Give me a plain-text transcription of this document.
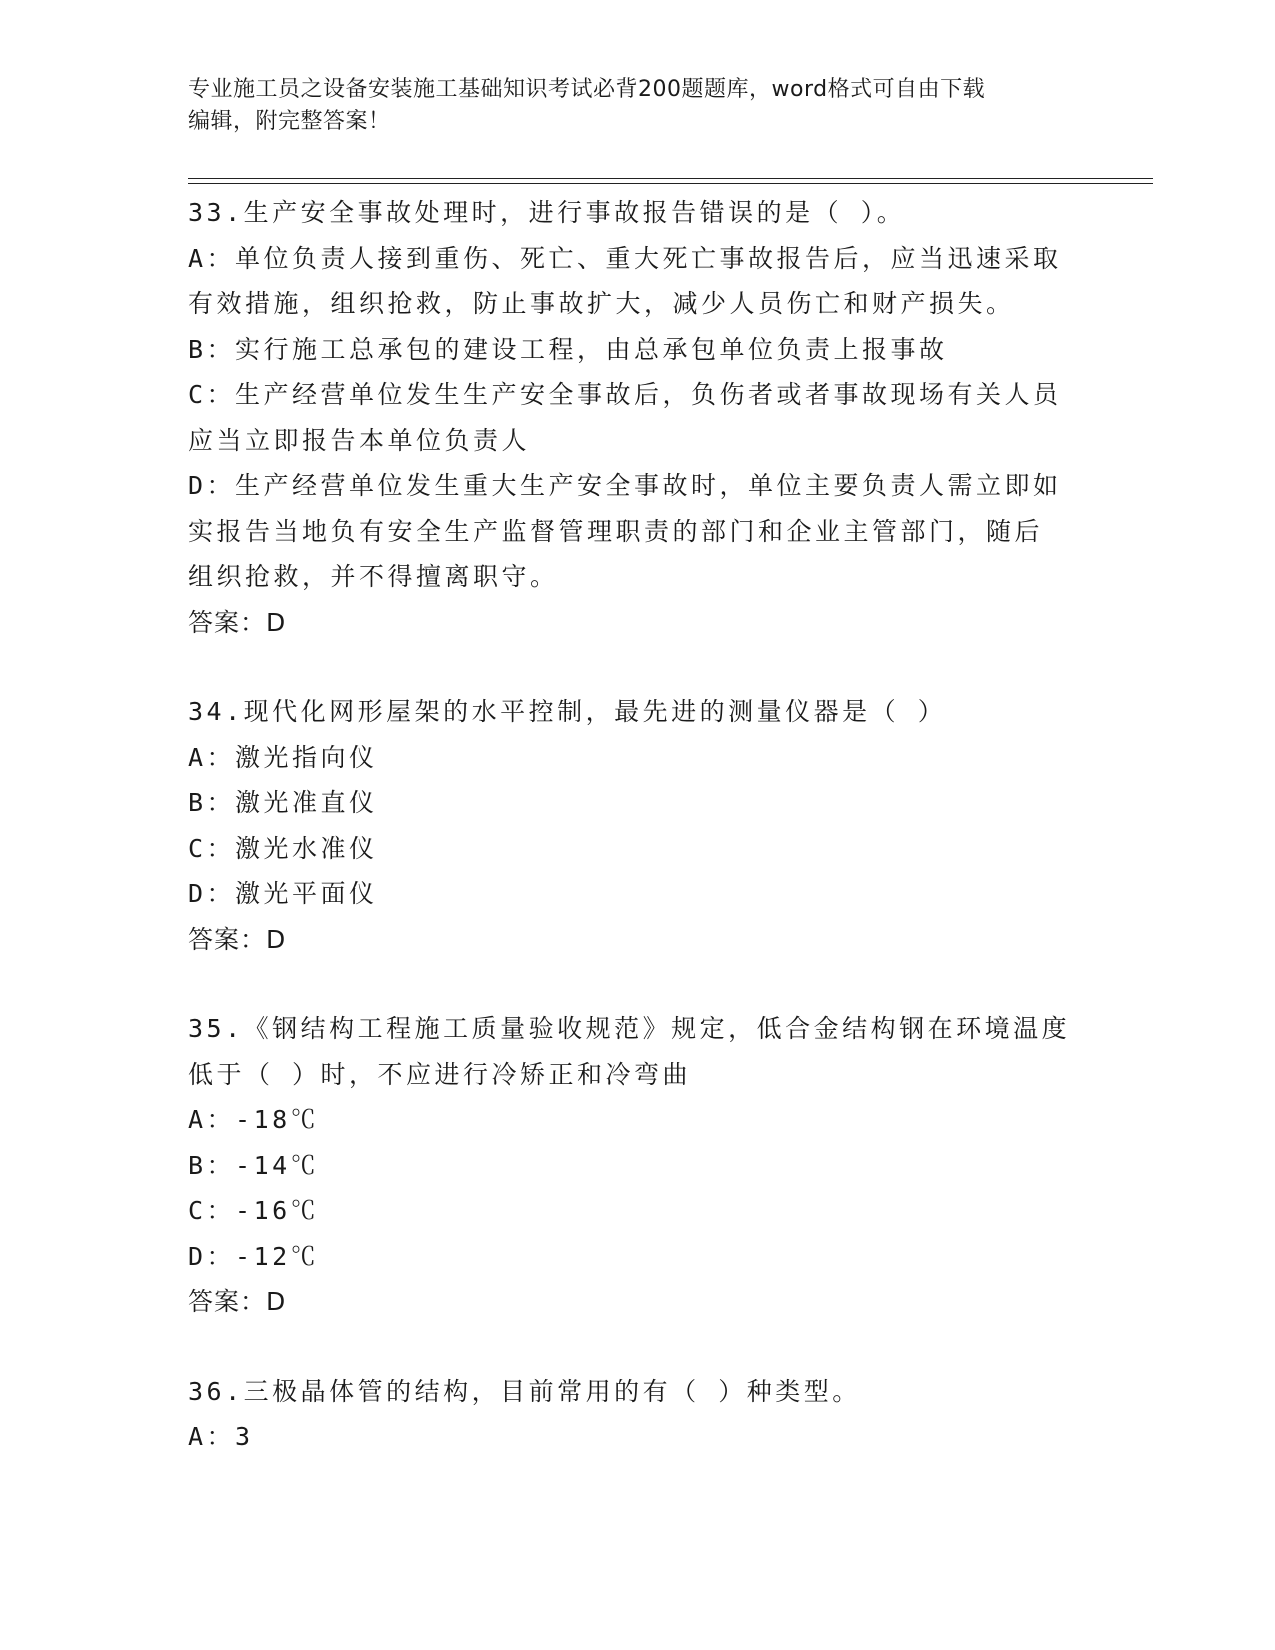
专业施工员之设备安装施工基础知识考试必背200题题库，word格式可自由下载
编辑，附完整答案！
33.生产安全事故处理时，进行事故报告错误的是（ ）。
A：单位负责人接到重伤、死亡、重大死亡事故报告后，应当迅速采取
有效措施，组织抢救，防止事故扩大，减少人员伤亡和财产损失。
B：实行施工总承包的建设工程，由总承包单位负责上报事故
C：生产经营单位发生生产安全事故后，负伤者或者事故现场有关人员
应当立即报告本单位负责人
D：生产经营单位发生重大生产安全事故时，单位主要负责人需立即如
实报告当地负有安全生产监督管理职责的部门和企业主管部门，随后
组织抢救，并不得擅离职守。
答案：D
34.现代化网形屋架的水平控制，最先进的测量仪器是（ ）
A：激光指向仪
B：激光准直仪
C：激光水准仪
D：激光平面仪
答案：D
35.《钢结构工程施工质量验收规范》规定，低合金结构钢在环境温度
低于（ ）时，不应进行冷矫正和冷弯曲
A：-18℃
B：-14℃
C：-16℃
D：-12℃
答案：D
36.三极晶体管的结构，目前常用的有（ ）种类型。
A：3
